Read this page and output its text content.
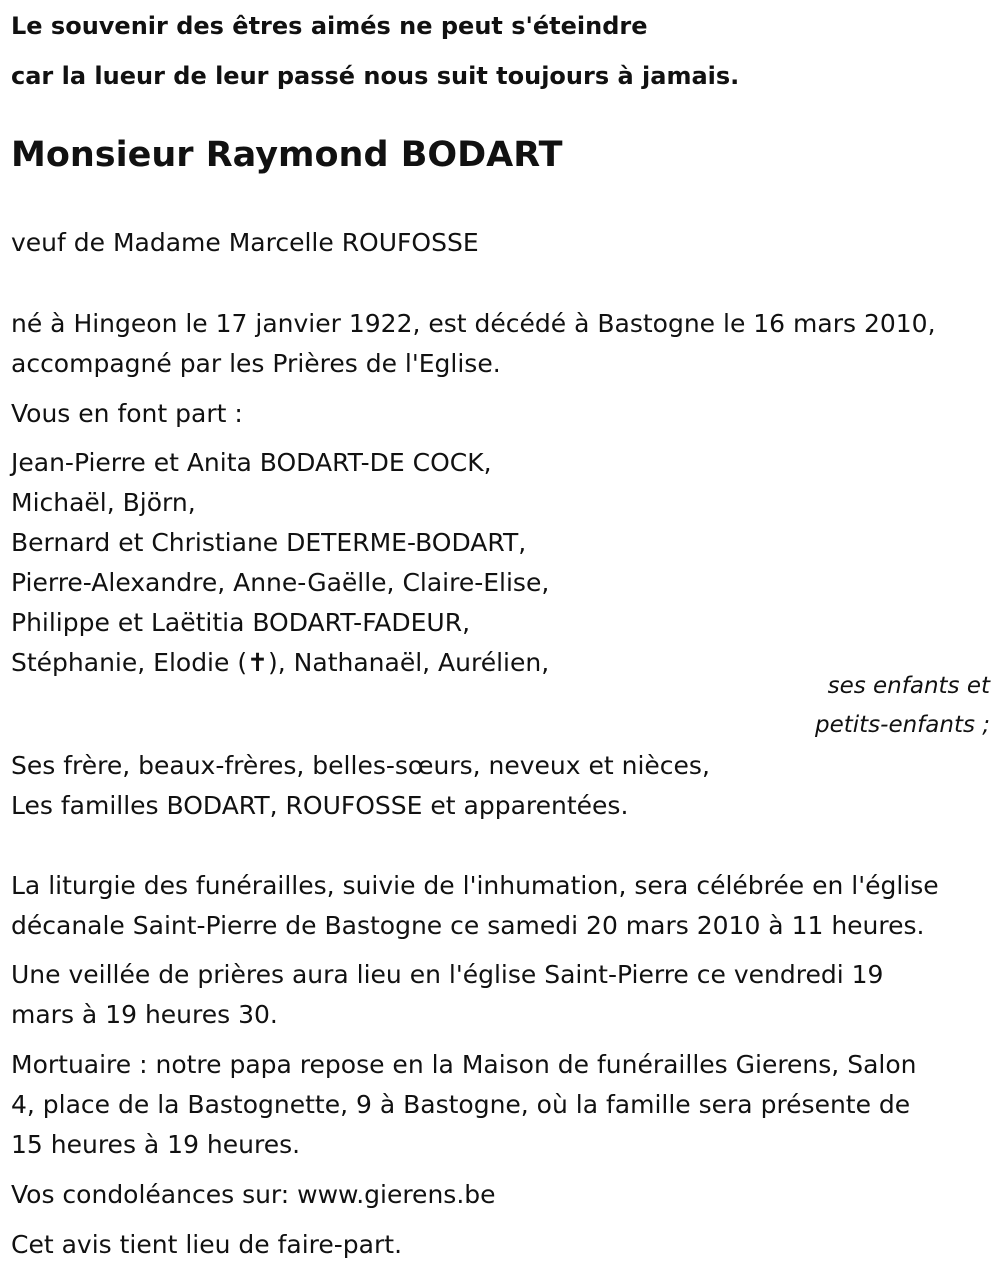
Le souvenir des êtres aimés ne peut s'éteindre
car la lueur de leur passé nous suit toujours à jamais.
Monsieur Raymond BODART
veuf de Madame Marcelle ROUFOSSE
né à Hingeon le 17 janvier 1922, est décédé à Bastogne le 16 mars 2010,
accompagné par les Prières de l'Eglise.
Vous en font part :
Jean-Pierre et Anita BODART-DE COCK,
Michaël, Björn,
Bernard et Christiane DETERME-BODART,
Pierre-Alexandre, Anne-Gaëlle, Claire-Elise,
Philippe et Laëtitia BODART-FADEUR,
Stéphanie, Elodie (✝), Nathanaël, Aurélien,
ses enfants et
petits-enfants ;
Ses frère, beaux-frères, belles-sœurs, neveux et nièces,
Les familles BODART, ROUFOSSE et apparentées.
La liturgie des funérailles, suivie de l'inhumation, sera célébrée en l'église
décanale Saint-Pierre de Bastogne ce samedi 20 mars 2010 à 11 heures.
Une veillée de prières aura lieu en l'église Saint-Pierre ce vendredi 19
mars à 19 heures 30.
Mortuaire : notre papa repose en la Maison de funérailles Gierens, Salon
4, place de la Bastognette, 9 à Bastogne, où la famille sera présente de
15 heures à 19 heures.
Vos condoléances sur: www.gierens.be
Cet avis tient lieu de faire-part.
